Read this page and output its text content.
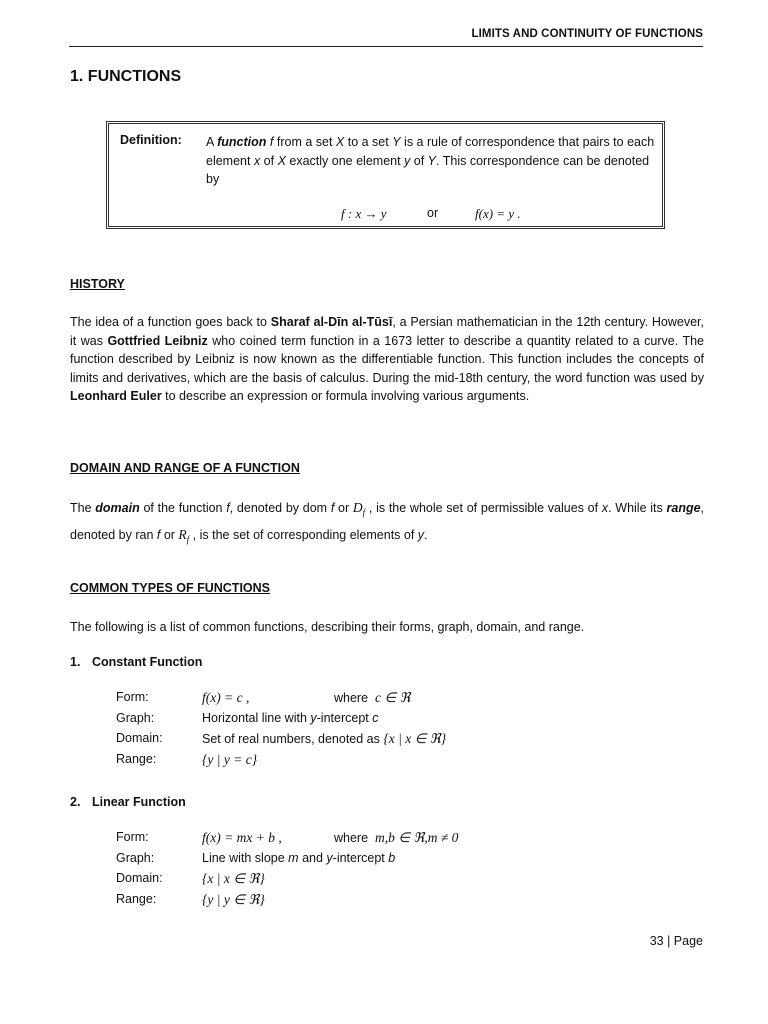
LIMITS AND CONTINUITY OF FUNCTIONS
1. FUNCTIONS
Definition: A function f from a set X to a set Y is a rule of correspondence that pairs to each element x of X exactly one element y of Y. This correspondence can be denoted by
f : x → y	or	f(x) = y .
HISTORY
The idea of a function goes back to Sharaf al-Dīn al-Tūsī, a Persian mathematician in the 12th century. However, it was Gottfried Leibniz who coined term function in a 1673 letter to describe a quantity related to a curve. The function described by Leibniz is now known as the differentiable function. This function includes the concepts of limits and derivatives, which are the basis of calculus. During the mid-18th century, the word function was used by Leonhard Euler to describe an expression or formula involving various arguments.
DOMAIN AND RANGE OF A FUNCTION
The domain of the function f, denoted by dom f or $D_f$ , is the whole set of permissible values of x. While its range, denoted by ran f or $R_f$ , is the set of corresponding elements of y.
COMMON TYPES OF FUNCTIONS
The following is a list of common functions, describing their forms, graph, domain, and range.
1. Constant Function
Form:	f(x) = c ,	where c ∈ ℜ
Graph:	Horizontal line with y-intercept c
Domain:	Set of real numbers, denoted as {x | x ∈ ℜ}
Range:	{y | y = c}
2. Linear Function
Form:	f(x) = mx + b ,	where m,b ∈ ℜ,m ≠ 0
Graph:	Line with slope m and y-intercept b
Domain:	{x | x ∈ ℜ}
Range:	{y | y ∈ ℜ}
33 | Page
